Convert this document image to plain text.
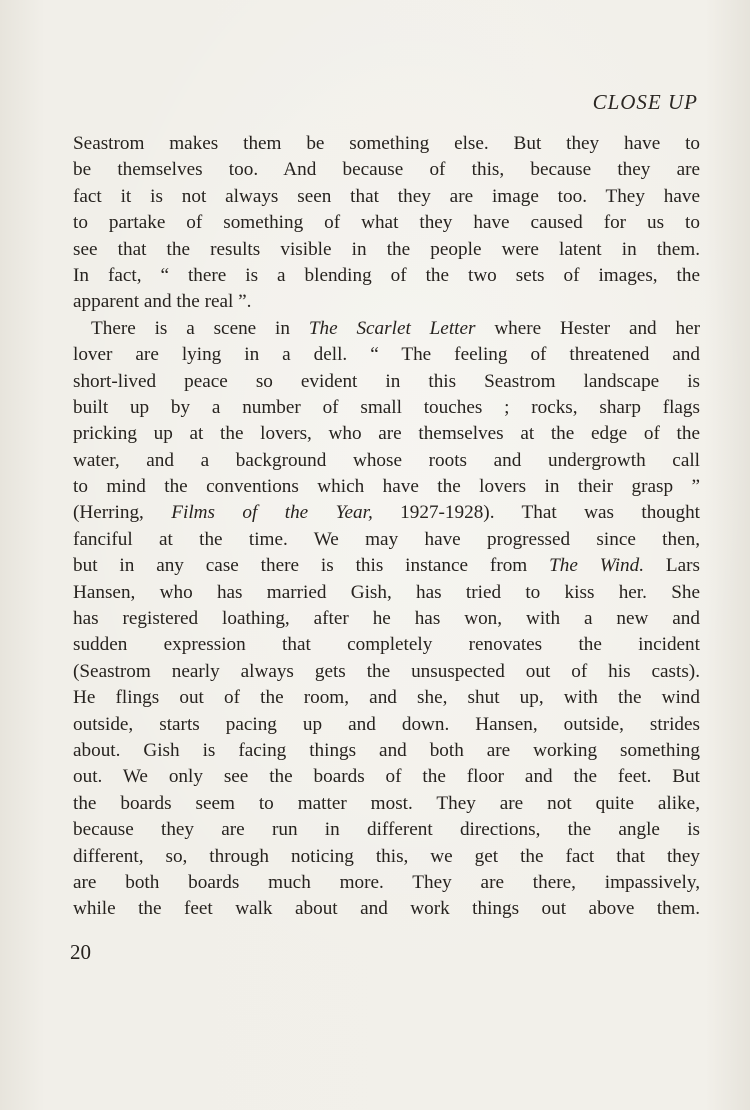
CLOSE UP
Seastrom makes them be something else. But they have to
be themselves too. And because of this, because they are
fact it is not always seen that they are image too. They have
to partake of something of what they have caused for us to
see that the results visible in the people were latent in them.
In fact, “ there is a blending of the two sets of images, the
apparent and the real ”.
There is a scene in The Scarlet Letter where Hester and her
lover are lying in a dell. “ The feeling of threatened and
short-lived peace so evident in this Seastrom landscape is
built up by a number of small touches ; rocks, sharp flags
pricking up at the lovers, who are themselves at the edge of the
water, and a background whose roots and undergrowth call
to mind the conventions which have the lovers in their grasp ”
(Herring, Films of the Year, 1927-1928). That was thought
fanciful at the time. We may have progressed since then,
but in any case there is this instance from The Wind. Lars
Hansen, who has married Gish, has tried to kiss her. She
has registered loathing, after he has won, with a new and
sudden expression that completely renovates the incident
(Seastrom nearly always gets the unsuspected out of his casts).
He flings out of the room, and she, shut up, with the wind
outside, starts pacing up and down. Hansen, outside, strides
about. Gish is facing things and both are working something
out. We only see the boards of the floor and the feet. But
the boards seem to matter most. They are not quite alike,
because they are run in different directions, the angle is
different, so, through noticing this, we get the fact that they
are both boards much more. They are there, impassively,
while the feet walk about and work things out above them.
20
